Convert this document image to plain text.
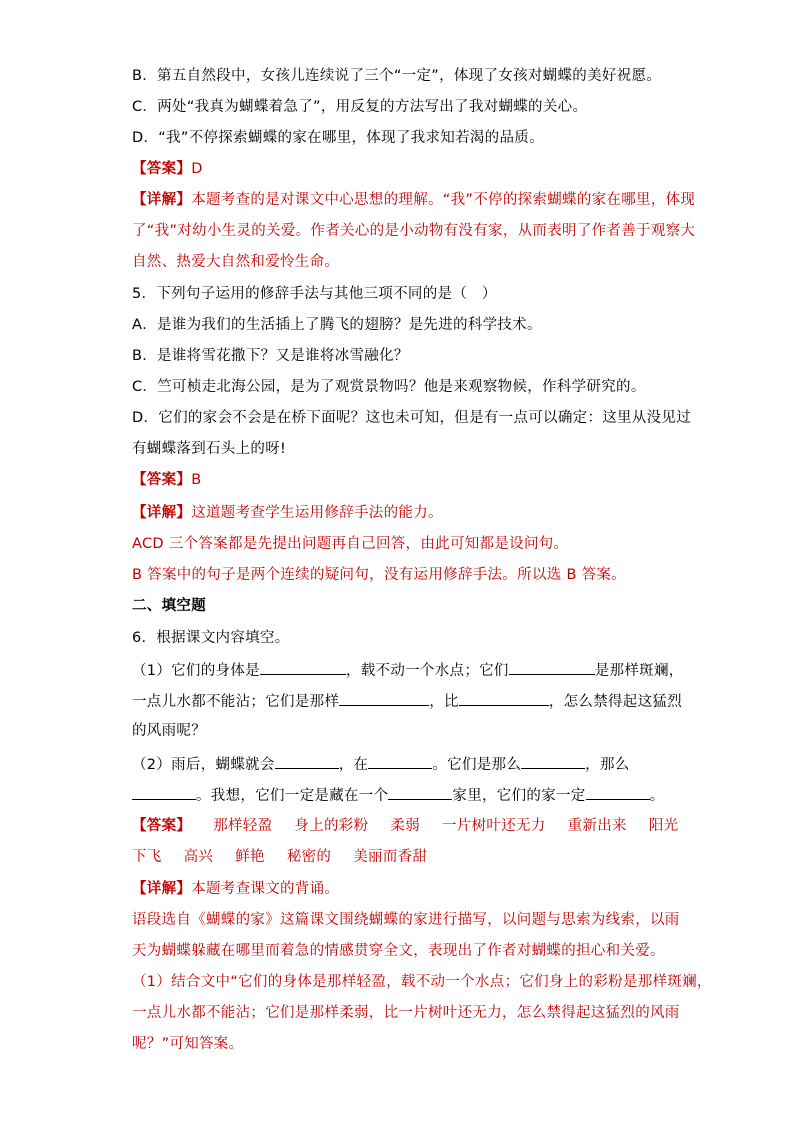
B．第五自然段中，女孩儿连续说了三个“一定”，体现了女孩对蝴蝶的美好祝愿。
C．两处“我真为蝴蝶着急了”，用反复的方法写出了我对蝴蝶的关心。
D．“我”不停探索蝴蝶的家在哪里，体现了我求知若渴的品质。
【答案】D
【详解】本题考查的是对课文中心思想的理解。“我”不停的探索蝴蝶的家在哪里，体现
了“我”对幼小生灵的关爱。作者关心的是小动物有没有家，从而表明了作者善于观察大
自然、热爱大自然和爱怜生命。
5．下列句子运用的修辞手法与其他三项不同的是（　）
A．是谁为我们的生活插上了腾飞的翅膀？是先进的科学技术。
B．是谁将雪花撒下？又是谁将冰雪融化？
C．竺可桢走北海公园，是为了观赏景物吗？他是来观察物候，作科学研究的。
D．它们的家会不会是在桥下面呢？这也未可知，但是有一点可以确定：这里从没见过
有蝴蝶落到石头上的呀!
【答案】B
【详解】这道题考查学生运用修辞手法的能力。
ACD 三个答案都是先提出问题再自己回答，由此可知都是设问句。
B 答案中的句子是两个连续的疑问句，没有运用修辞手法。所以选 B 答案。
二、填空题
6．根据课文内容填空。
（1）它们的身体是	，载不动一个水点；它们	是那样斑斓，
一点儿水都不能沾；它们是那样	，比	，怎么禁得起这猛烈
的风雨呢？
（2）雨后，蝴蝶就会	，在	。它们是那么	，那么
。我想，它们一定是藏在一个	家里，它们的家一定	。
【答案】 那样轻盈 身上的彩粉 柔弱 一片树叶还无力 重新出来 阳光
下飞 高兴 鲜艳 秘密的 美丽而香甜
【详解】本题考查课文的背诵。
语段选自《蝴蝶的家》这篇课文围绕蝴蝶的家进行描写，以问题与思索为线索，以雨
天为蝴蝶躲藏在哪里而着急的情感贯穿全文，表现出了作者对蝴蝶的担心和关爱。
（1）结合文中“它们的身体是那样轻盈，载不动一个水点；它们身上的彩粉是那样斑斓，
一点儿水都不能沾；它们是那样柔弱，比一片树叶还无力，怎么禁得起这猛烈的风雨
呢？”可知答案。
